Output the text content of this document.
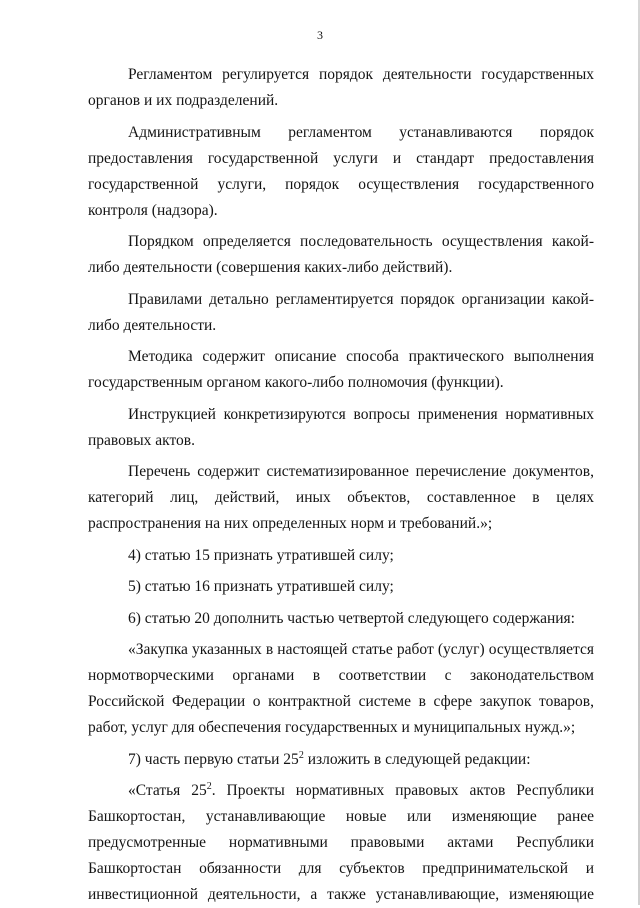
3

Регламентом регулируется порядок деятельности государственных органов и их подразделений.

Административным регламентом устанавливаются порядок предоставления государственной услуги и стандарт предоставления государственной услуги, порядок осуществления государственного контроля (надзора).

Порядком определяется последовательность осуществления какой-либо деятельности (совершения каких-либо действий).

Правилами детально регламентируется порядок организации какой-либо деятельности.

Методика содержит описание способа практического выполнения государственным органом какого-либо полномочия (функции).

Инструкцией конкретизируются вопросы применения нормативных правовых актов.

Перечень содержит систематизированное перечисление документов, категорий лиц, действий, иных объектов, составленное в целях распространения на них определенных норм и требований.»;

4) статью 15 признать утратившей силу;

5) статью 16 признать утратившей силу;

6) статью 20 дополнить частью четвертой следующего содержания:

«Закупка указанных в настоящей статье работ (услуг) осуществляется нормотворческими органами в соответствии с законодательством Российской Федерации о контрактной системе в сфере закупок товаров, работ, услуг для обеспечения государственных и муниципальных нужд.»;

7) часть первую статьи $25^2$ изложить в следующей редакции:

«Статья $25^2$. Проекты нормативных правовых актов Республики Башкортостан, устанавливающие новые или изменяющие ранее предусмотренные нормативными правовыми актами Республики Башкортостан обязанности для субъектов предпринимательской и инвестиционной деятельности, а также устанавливающие, изменяющие
